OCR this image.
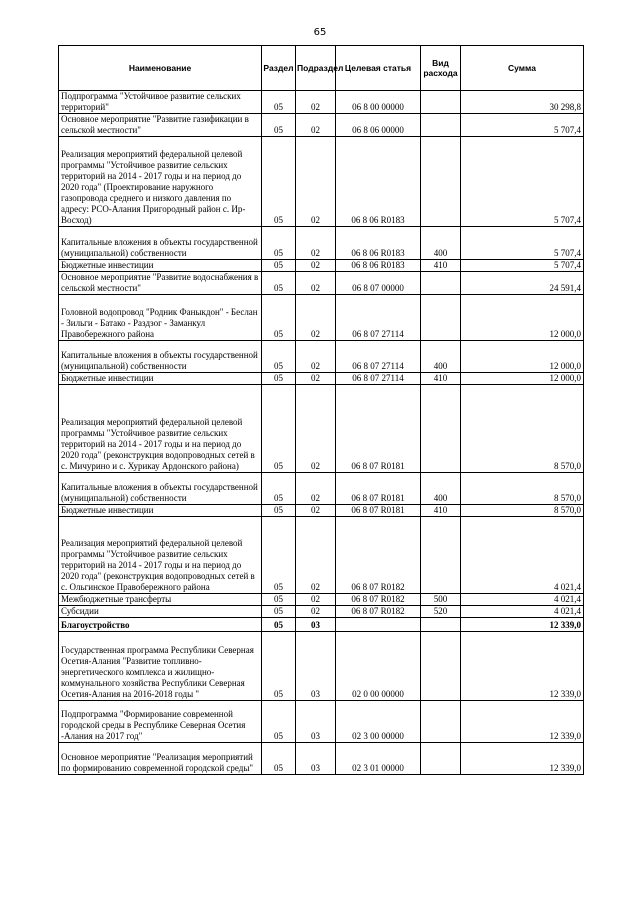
65
Наименование	Раздел	Подраздел	Целевая статья	Вид расхода	Сумма
Подпрограмма "Устойчивое развитие сельских территорий"	05	02	06 8 00 00000		30 298,8
Основное мероприятие "Развитие газификации в сельской местности"	05	02	06 8 06 00000		5 707,4
Реализация мероприятий федеральной целевой программы "Устойчивое развитие сельских территорий на 2014 - 2017 годы и на период до 2020 года" (Проектирование наружного газопровода среднего и низкого давления по адресу: РСО-Алания Пригородный район с. Ир-Восход)	05	02	06 8 06 R0183		5 707,4
Капитальные вложения в объекты государственной (муниципальной) собственности	05	02	06 8 06 R0183	400	5 707,4
Бюджетные инвестиции	05	02	06 8 06 R0183	410	5 707,4
Основное мероприятие "Развитие водоснабжения в сельской местности"	05	02	06 8 07 00000		24 591,4
Головной водопровод "Родник Фаныкдон" - Беслан - Зильги - Батако - Раздзог - Заманкул Правобережного района	05	02	06 8 07 27114		12 000,0
Капитальные вложения в объекты государственной (муниципальной) собственности	05	02	06 8 07 27114	400	12 000,0
Бюджетные инвестиции	05	02	06 8 07 27114	410	12 000,0
Реализация мероприятий федеральной целевой программы "Устойчивое развитие сельских территорий на 2014 - 2017 годы и на период до 2020 года" (реконструкция водопроводных сетей в с. Мичурино и с. Хурикау Ардонского района)	05	02	06 8 07 R0181		8 570,0
Капитальные вложения в объекты государственной (муниципальной) собственности	05	02	06 8 07 R0181	400	8 570,0
Бюджетные инвестиции	05	02	06 8 07 R0181	410	8 570,0
Реализация мероприятий федеральной целевой программы "Устойчивое развитие сельских территорий на 2014 - 2017 годы и на период до 2020 года" (реконструкция водопроводных сетей в с. Ольгинское Правобережного района	05	02	06 8 07 R0182		4 021,4
Межбюджетные трансферты	05	02	06 8 07 R0182	500	4 021,4
Субсидии	05	02	06 8 07 R0182	520	4 021,4
Благоустройство	05	03			12 339,0
Государственная программа Республики Северная Осетия-Алания "Развитие топливно-энергетического комплекса и жилищно-коммунального хозяйства Республики Северная Осетия-Алания на 2016-2018 годы "	05	03	02 0 00 00000		12 339,0
Подпрограмма "Формирование современной городской среды в Республике Северная Осетия -Алания на 2017 год"	05	03	02 3 00 00000		12 339,0
Основное мероприятие "Реализация мероприятий по формированию современной городской среды"	05	03	02 3 01 00000		12 339,0
